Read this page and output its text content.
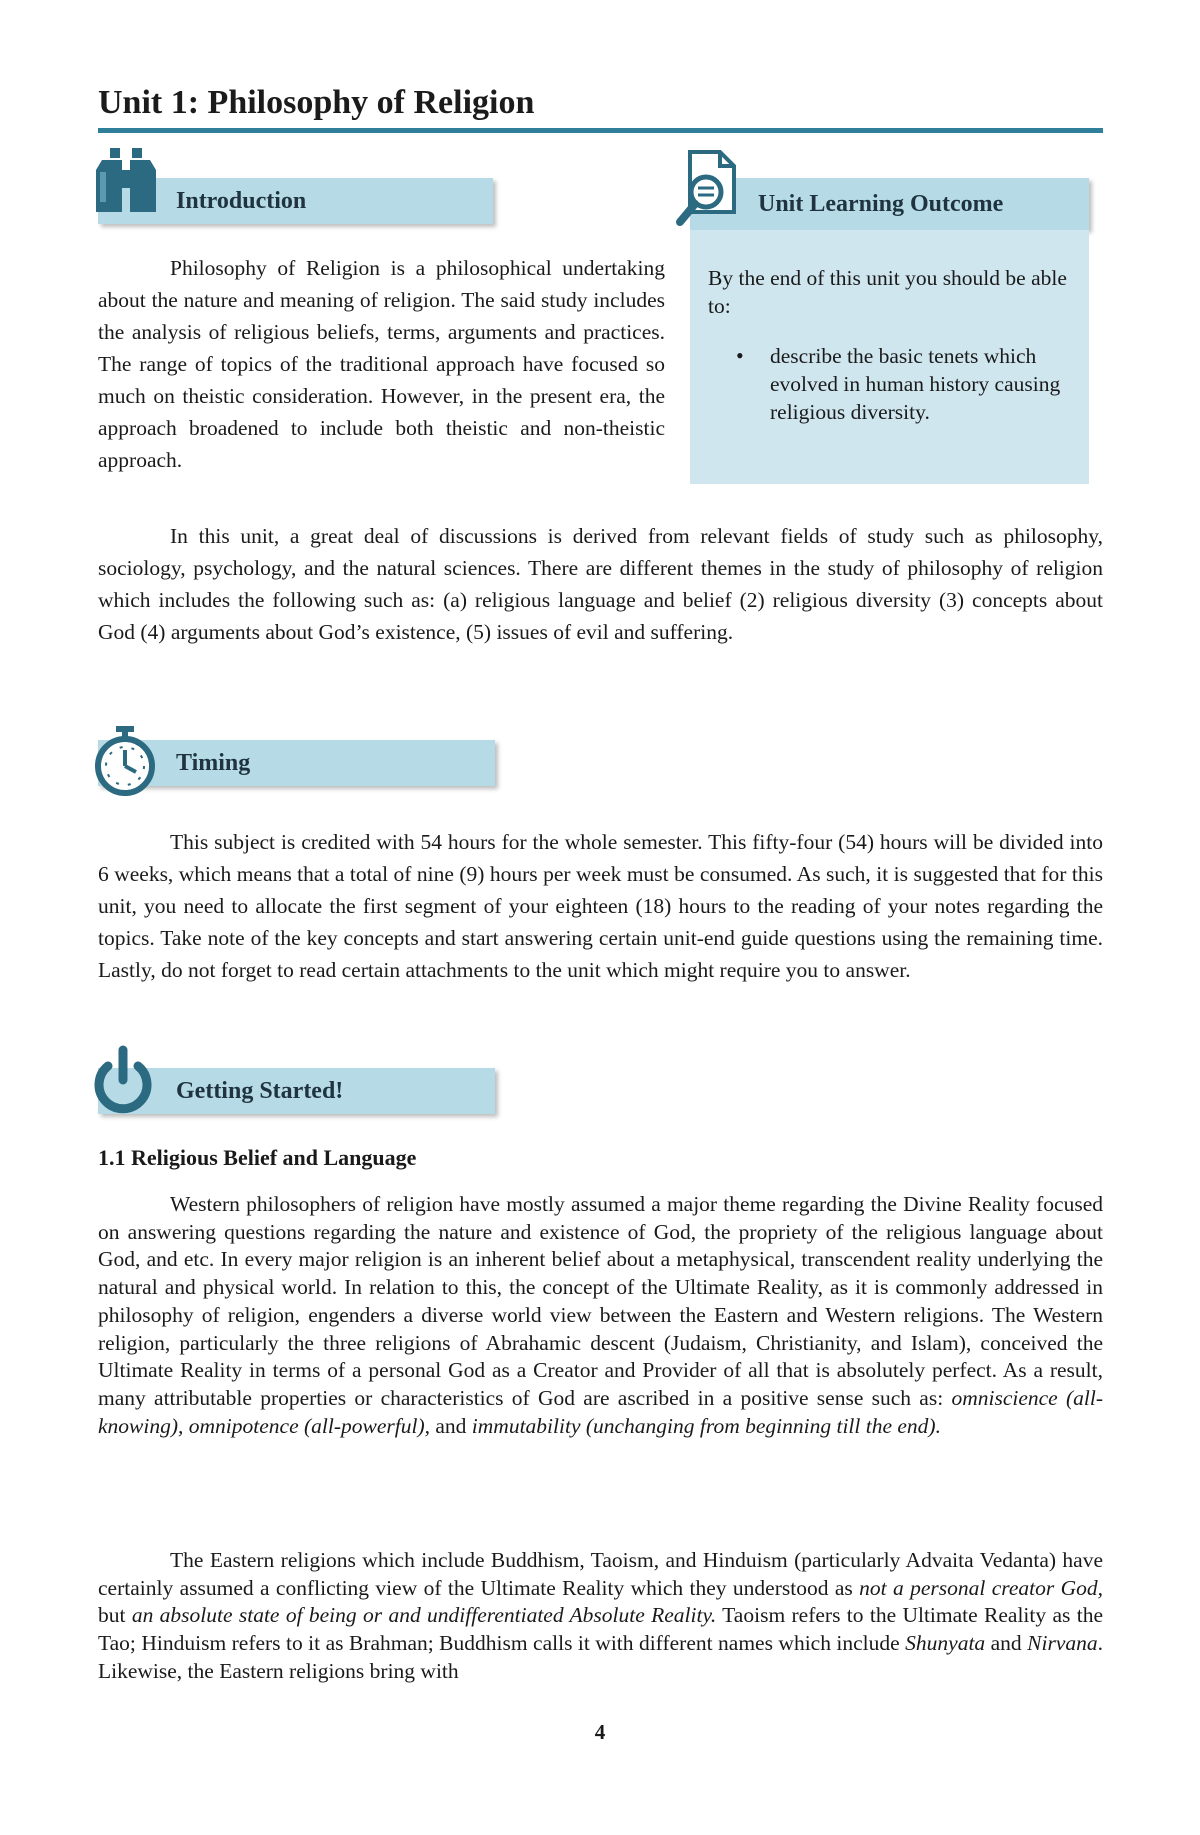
Unit 1: Philosophy of Religion
Introduction

Philosophy of Religion is a philosophical undertaking about the nature and meaning of religion. The said study includes the analysis of religious beliefs, terms, arguments and practices. The range of topics of the traditional approach have focused so much on theistic consideration. However, in the present era, the approach broadened to include both theistic and non-theistic approach.

Unit Learning Outcome
By the end of this unit you should be able to:
• describe the basic tenets which evolved in human history causing religious diversity.

In this unit, a great deal of discussions is derived from relevant fields of study such as philosophy, sociology, psychology, and the natural sciences. There are different themes in the study of philosophy of religion which includes the following such as: (a) religious language and belief (2) religious diversity (3) concepts about God (4) arguments about God’s existence, (5) issues of evil and suffering.

Timing

This subject is credited with 54 hours for the whole semester. This fifty-four (54) hours will be divided into 6 weeks, which means that a total of nine (9) hours per week must be consumed. As such, it is suggested that for this unit, you need to allocate the first segment of your eighteen (18) hours to the reading of your notes regarding the topics. Take note of the key concepts and start answering certain unit-end guide questions using the remaining time. Lastly, do not forget to read certain attachments to the unit which might require you to answer.

Getting Started!
1.1 Religious Belief and Language

Western philosophers of religion have mostly assumed a major theme regarding the Divine Reality focused on answering questions regarding the nature and existence of God, the propriety of the religious language about God, and etc. In every major religion is an inherent belief about a metaphysical, transcendent reality underlying the natural and physical world. In relation to this, the concept of the Ultimate Reality, as it is commonly addressed in philosophy of religion, engenders a diverse world view between the Eastern and Western religions. The Western religion, particularly the three religions of Abrahamic descent (Judaism, Christianity, and Islam), conceived the Ultimate Reality in terms of a personal God as a Creator and Provider of all that is absolutely perfect. As a result, many attributable properties or characteristics of God are ascribed in a positive sense such as: omniscience (all-knowing), omnipotence (all-powerful), and immutability (unchanging from beginning till the end).

The Eastern religions which include Buddhism, Taoism, and Hinduism (particularly Advaita Vedanta) have certainly assumed a conflicting view of the Ultimate Reality which they understood as not a personal creator God, but an absolute state of being or and undifferentiated Absolute Reality. Taoism refers to the Ultimate Reality as the Tao; Hinduism refers to it as Brahman; Buddhism calls it with different names which include Shunyata and Nirvana. Likewise, the Eastern religions bring with

4
